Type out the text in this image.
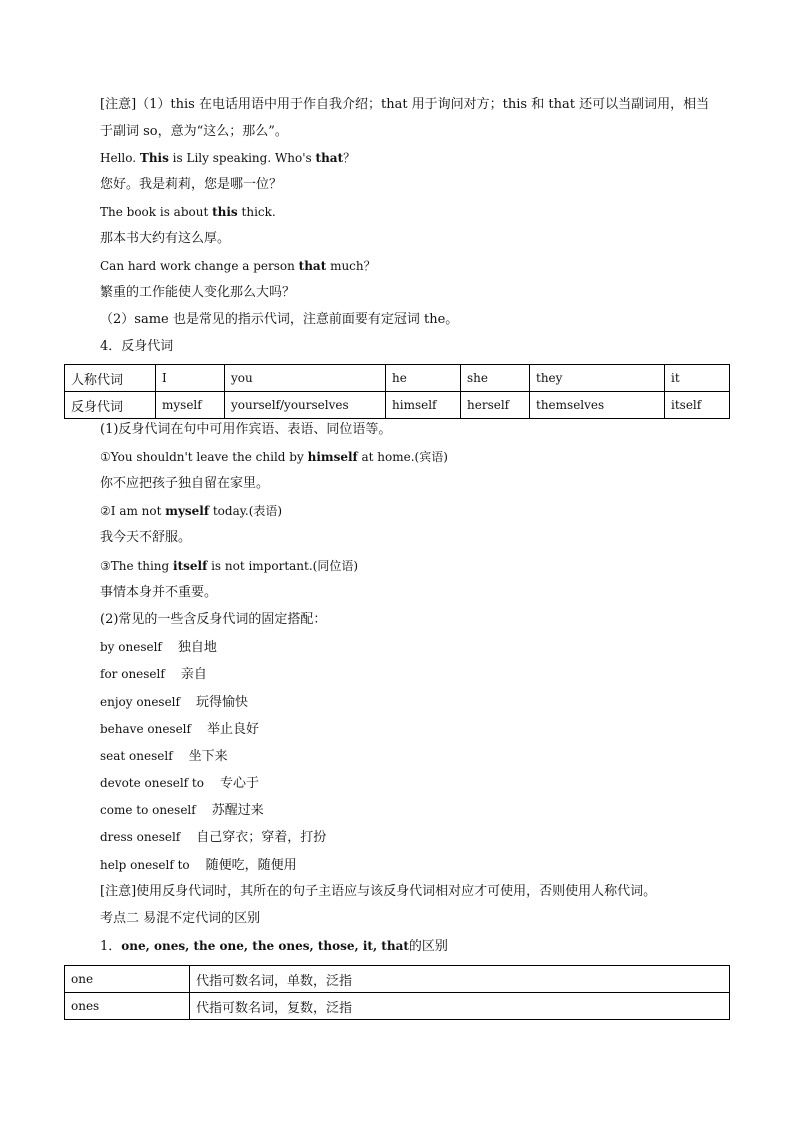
[注意]（1）this 在电话用语中用于作自我介绍；that 用于询问对方；this 和 that 还可以当副词用，相当于副词 so，意为“这么；那么”。
Hello. This is Lily speaking. Who's that？
您好。我是莉莉，您是哪一位？
The book is about this thick.
那本书大约有这么厚。
Can hard work change a person that much？
繁重的工作能使人变化那么大吗？
（2）same 也是常见的指示代词，注意前面要有定冠词 the。
4．反身代词
人称代词	I	you	he	she	they	it
反身代词	myself	yourself/yourselves	himself	herself	themselves	itself
(1)反身代词在句中可用作宾语、表语、同位语等。
①You shouldn't leave the child by himself at home.(宾语)
你不应把孩子独自留在家里。
②I am not myself today.(表语)
我今天不舒服。
③The thing itself is not important.(同位语)
事情本身并不重要。
(2)常见的一些含反身代词的固定搭配：
by oneself 独自地
for oneself 亲自
enjoy oneself 玩得愉快
behave oneself 举止良好
seat oneself 坐下来
devote oneself to 专心于
come to oneself 苏醒过来
dress oneself 自己穿衣；穿着，打扮
help oneself to 随便吃，随便用
[注意]使用反身代词时，其所在的句子主语应与该反身代词相对应才可使用，否则使用人称代词。
考点二 易混不定代词的区别
1．one, ones, the one, the ones, those, it, that的区别
one	代指可数名词，单数，泛指
ones	代指可数名词，复数，泛指
